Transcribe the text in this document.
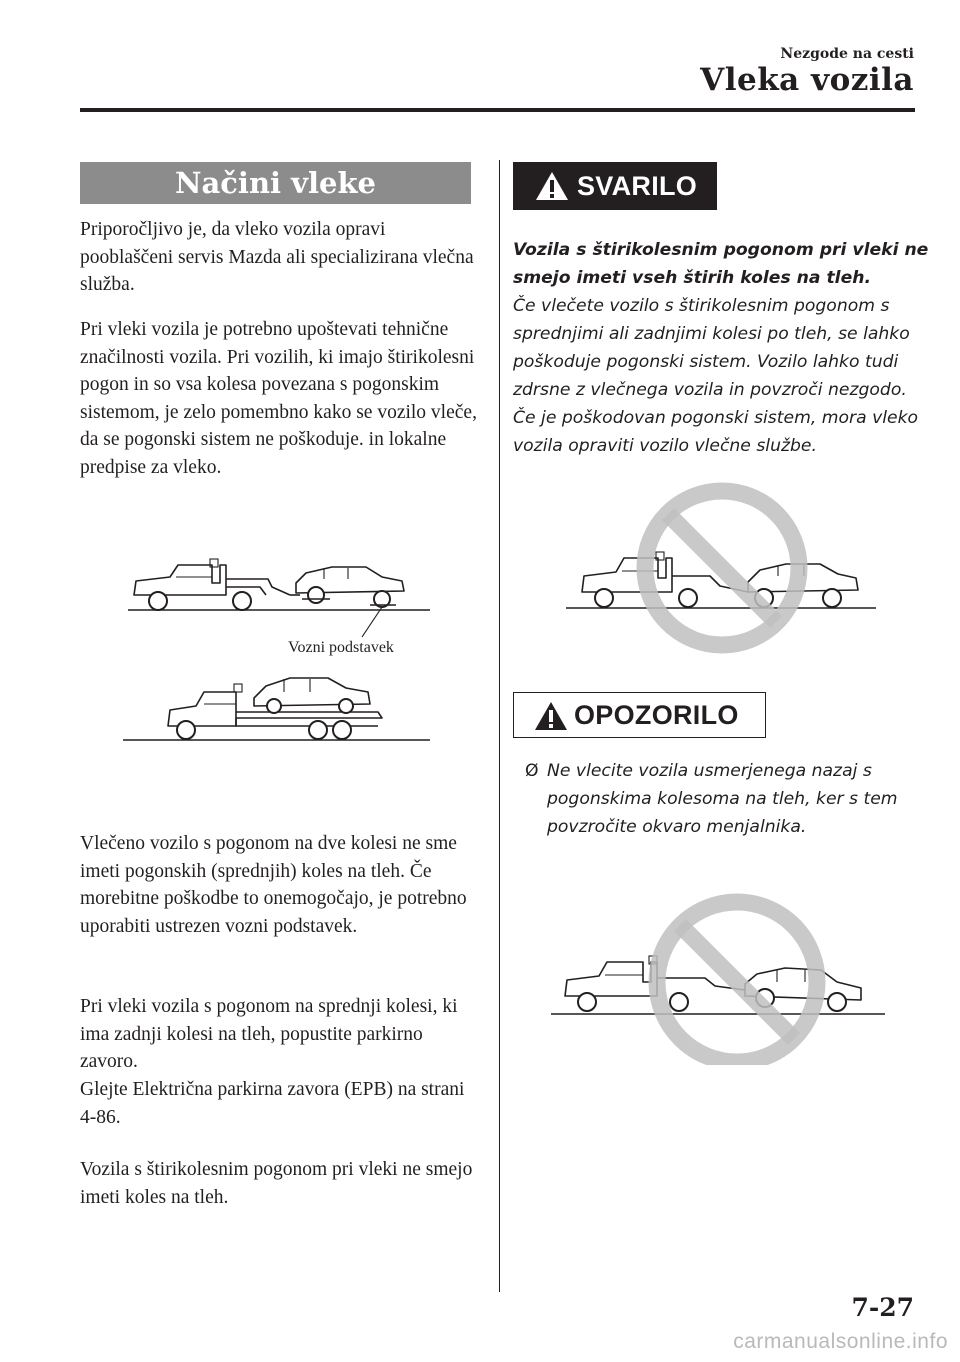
Nezgode na cesti
Vleka vozila
Načini vleke

Priporočljivo je, da vleko vozila opravi pooblaščeni servis Mazda ali specializirana vlečna služba.

Pri vleki vozila je potrebno upoštevati tehnične značilnosti vozila. Pri vozilih, ki imajo štirikolesni pogon in so vsa kolesa povezana s pogonskim sistemom, je zelo pomembno kako se vozilo vleče, da se pogonski sistem ne poškoduje. in lokalne predpise za vleko.

Vozni podstavek

Vlečeno vozilo s pogonom na dve kolesi ne sme imeti pogonskih (sprednjih) koles na tleh. Če morebitne poškodbe to onemogočajo, je potrebno uporabiti ustrezen vozni podstavek.

Pri vleki vozila s pogonom na sprednji kolesi, ki ima zadnji kolesi na tleh, popustite parkirno zavoro.

Glejte Električna parkirna zavora (EPB) na strani 4-86.

Vozila s štirikolesnim pogonom pri vleki ne smejo imeti koles na tleh.

SVARILO

Vozila s štirikolesnim pogonom pri vleki ne smejo imeti vseh štirih koles na tleh.

Če vlečete vozilo s štirikolesnim pogonom s sprednjimi ali zadnjimi kolesi po tleh, se lahko poškoduje pogonski sistem. Vozilo lahko tudi zdrsne z vlečnega vozila in povzroči nezgodo. Če je poškodovan pogonski sistem, mora vleko vozila opraviti vozilo vlečne službe.

OPOZORILO
Ø Ne vlecite vozila usmerjenega nazaj s pogonskima kolesoma na tleh, ker s tem povzročite okvaro menjalnika.
7-27
carmanualsonline.info
